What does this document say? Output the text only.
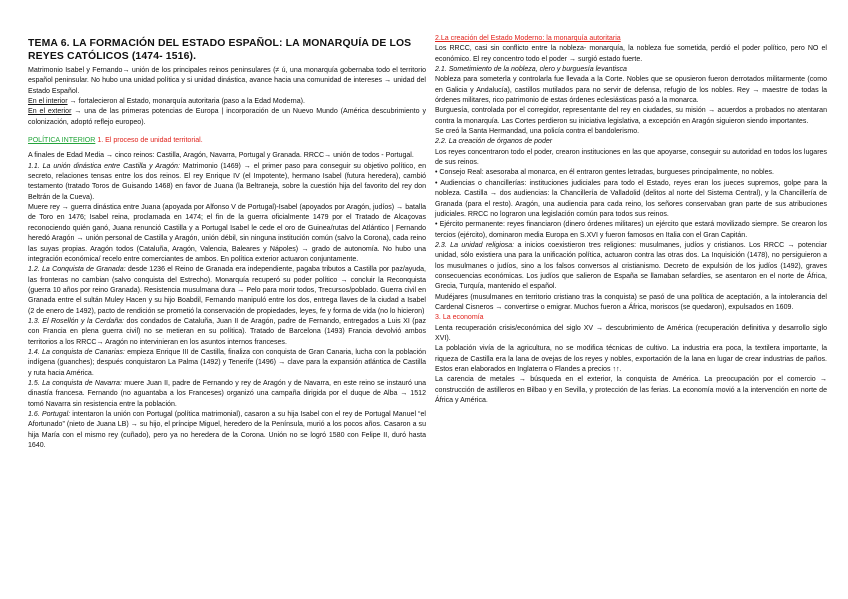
TEMA 6. LA FORMACIÓN DEL ESTADO ESPAÑOL: LA MONARQUÍA DE LOS REYES CATÓLICOS (1474- 1516).

Matrimonio Isabel y Fernando→ unión de los principales reinos peninsulares (≠ ú, una monarquía gobernaba todo el territorio español peninsular. No hubo una unidad política y si unidad dinástica, avance hacia una comunidad de intereses → unidad del Estado Español.

En el interior → fortalecieron al Estado, monarquía autoritaria (paso a la Edad Moderna).

En el exterior → una de las primeras potencias de Europa | incorporación de un Nuevo Mundo (América descubrimiento y colonización, adoptó reflejo europeo).

POLÍTICA INTERIOR 1. El proceso de unidad territorial.

A finales de Edad Media → cinco reinos: Castilla, Aragón, Navarra, Portugal y Granada. RRCC→ unión de todos - Portugal.

1.1. La unión dinástica entre Castilla y Aragón: Matrimonio (1469) → el primer paso para conseguir su objetivo político, en secreto, relaciones tensas entre los dos reinos. El rey Enrique IV (el Impotente), hermano Isabel (futura heredera), cambió testamento (tratado Toros de Guisando 1468) en favor de Juana (la Beltraneja, sobre la cuestión hija del favorito del rey don Beltrán de la Cueva).

Muere rey → guerra dinástica entre Juana (apoyada por Alfonso V de Portugal)-Isabel (apoyados por Aragón, judíos) → batalla de Toro en 1476; Isabel reina, proclamada en 1474; el fin de la guerra oficialmente 1479 por el Tratado de Alcaçovas reconociendo quién ganó, Juana renunció Castilla y a Portugal Isabel le cede el oro de Guinea/rutas del Atlántico | Fernando heredó Aragón → unión personal de Castilla y Aragón, unión débil, sin ninguna institución común (salvo la Corona), cada reino las suyas propias. Aragón todos (Cataluña, Aragón, Valencia, Baleares y Nápoles) → grado de autonomía. No hubo una integración económica/ recelo entre comerciantes de ambos. En política exterior actuaron conjuntamente.

1.2. La Conquista de Granada: desde 1236 el Reino de Granada era independiente, pagaba tributos a Castilla por paz/ayuda, las fronteras no cambian (salvo conquista del Estrecho). Monarquía recuperó su poder político → concluir la Reconquista (guerra 10 años por reino Granada). Resistencia musulmana dura → Pelo para morir todos, Trecursos/poblado. Guerra civil en Granada entre el sultán Muley Hacen y su hijo Boabdil, Fernando manipuló entre los dos, entrega llaves de la ciudad a Isabel (2 de enero de 1492), pacto de rendición se prometió la conservación de propiedades, leyes, fe y forma de vida (no lo hicieron)

1.3. El Rosellón y la Cerdaña: dos condados de Cataluña, Juan II de Aragón, padre de Fernando, entregados a Luis XI (paz con Francia en plena guerra civil) no se metieran en su política). Tratado de Barcelona (1493) Francia devolvió ambos territorios a los RRCC→ Aragón no intervinieran en los asuntos internos franceses.

1.4. La conquista de Canarias: empieza Enrique III de Castilla, finaliza con conquista de Gran Canaria, lucha con la población indígena (guanches); después conquistaron La Palma (1492) y Tenerife (1496) → clave para la expansión atlántica de Castilla y ruta hacia América.

1.5. La conquista de Navarra: muere Juan II, padre de Fernando y rey de Aragón y de Navarra, en este reino se instauró una dinastía francesa. Fernando (no aguantaba a los Franceses) organizó una campaña dirigida por el duque de Alba → 1512 tomó Navarra sin resistencia entre la población.

1.6. Portugal: intentaron la unión con Portugal (política matrimonial), casaron a su hija Isabel con el rey de Portugal Manuel “el Afortunado” (nieto de Juana LB) → su hijo, el príncipe Miguel, heredero de la Península, murió a los pocos años. Casaron a su hija María con el mismo rey (cuñado), pero ya no heredera de la Corona. Unión no se logró 1580 con Felipe II, duró hasta 1640.

2.La creación del Estado Moderno: la monarquía autoritaria

Los RRCC, casi sin conflicto entre la nobleza- monarquía, la nobleza fue sometida, perdió el poder político, pero NO el económico. El rey concentro todo el poder → surgió estado fuerte.

2.1. Sometimiento de la nobleza, clero y burguesía levantisca

Nobleza para someterla y controlarla fue llevada a la Corte. Nobles que se opusieron fueron derrotados militarmente (como en Galicia y Andalucía), castillos mutilados para no servir de defensa, refugio de los nobles. Rey → maestre de todas la órdenes militares, rico patrimonio de estas órdenes eclesiásticas pasó a la monarca.

Burguesía, controlada por el corregidor, representante del rey en ciudades, su misión → acuerdos a probados no atentaran contra la monarquía. Las Cortes perdieron su iniciativa legislativa, a excepción en Aragón siguieron siendo importantes.

Se creó la Santa Hermandad, una policía contra el bandolerismo.

2.2. La creación de órganos de poder

Los reyes concentraron todo el poder, crearon instituciones en las que apoyarse, conseguir su autoridad en todos los lugares de sus reinos.

• Consejo Real: asesoraba al monarca, en él entraron gentes letradas, burgueses principalmente, no nobles.

• Audiencias o chancillerías: instituciones judiciales para todo el Estado, reyes eran los jueces supremos, golpe para la nobleza. Castilla → dos audiencias: la Chancillería de Valladolid (delitos al norte del Sistema Central), y la Chancillería de Granada (para el resto). Aragón, una audiencia para cada reino, los señores conservaban gran parte de sus atribuciones judiciales. RRCC no lograron una legislación común para todos sus reinos.

• Ejército permanente: reyes financiaron (dinero órdenes militares) un ejército que estará movilizado siempre. Se crearon los tercios (ejército), dominaron media Europa en S.XVI y fueron famosos en Italia con el Gran Capitán.

2.3. La unidad religiosa: a inicios coexistieron tres religiones: musulmanes, judíos y cristianos. Los RRCC → potenciar unidad, sólo existiera una para la unificación política, actuaron contra las otras dos. La Inquisición (1478), no persiguieron a los musulmanes o judíos, sino a los falsos conversos al cristianismo. Decreto de expulsión de los judíos (1492), graves consecuencias económicas. Los judíos que salieron de España se llamaban sefardíes, se asentaron en el norte de África, Grecia, Turquía, mantenido el español.

Mudéjares (musulmanes en territorio cristiano tras la conquista) se pasó de una política de aceptación, a la intolerancia del Cardenal Cisneros → convertirse o emigrar. Muchos fueron a África, moriscos (se quedaron), expulsados en 1609.

3. La economía

Lenta recuperación crisis/económica del siglo XV → descubrimiento de América (recuperación definitiva y desarrollo siglo XVI).

La población vivía de la agricultura, no se modifica técnicas de cultivo. La industria era poca, la textilera importante, la riqueza de Castilla era la lana de ovejas de los reyes y nobles, exportación de la lana en lugar de crear industrias de paños. Estos eran elaborados en Inglaterra o Flandes a precios ↑↑.

La carencia de metales → búsqueda en el exterior, la conquista de América. La preocupación por el comercio → construcción de astilleros en Bilbao y en Sevilla, y protección de las ferias. La economía movió a la intervención en norte de África y América.
